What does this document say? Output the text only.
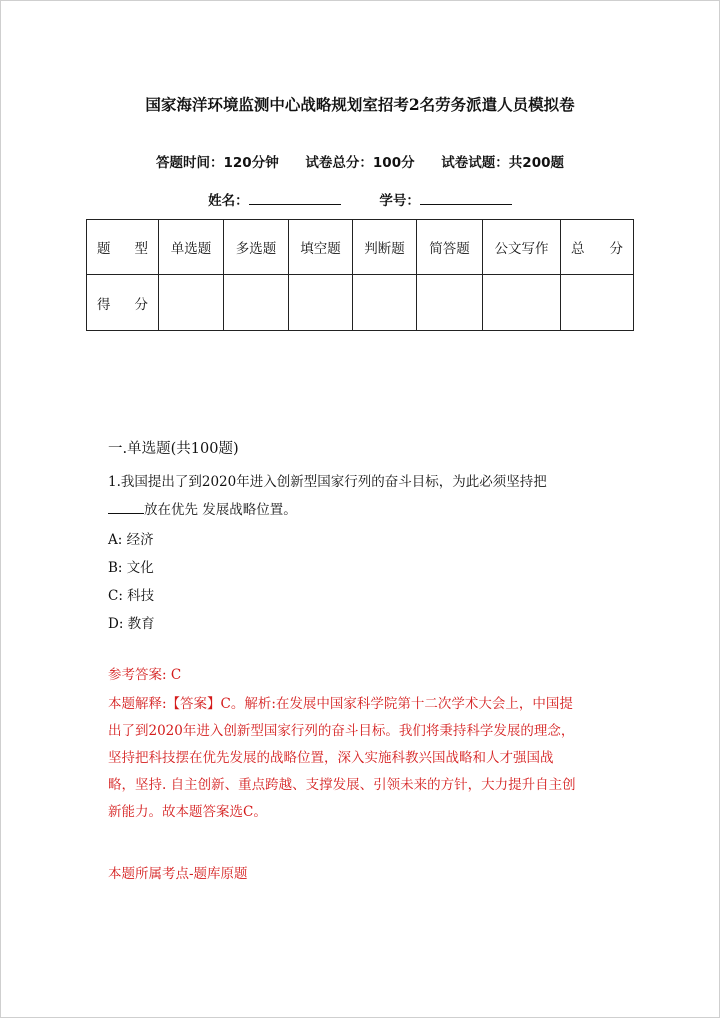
国家海洋环境监测中心战略规划室招考2名劳务派遣人员模拟卷
答题时间：120分钟 试卷总分：100分 试卷试题：共200题
姓名：	学号：
题 型	单选题	多选题	填空题	判断题	简答题	公文写作	总 分
得 分							
一.单选题(共100题)
1.我国提出了到2020年进入创新型国家行列的奋斗目标，为此必须坚持把
放在优先 发展战略位置。
A: 经济
B: 文化
C: 科技
D: 教育
参考答案: C
本题解释:【答案】C。解析:在发展中国家科学院第十二次学术大会上，中国提
出了到2020年进入创新型国家行列的奋斗目标。我们将秉持科学发展的理念，
坚持把科技摆在优先发展的战略位置，深入实施科教兴国战略和人才强国战
略，坚持. 自主创新、重点跨越、支撑发展、引领未来的方针，大力提升自主创
新能力。故本题答案选C。
本题所属考点-题库原题
